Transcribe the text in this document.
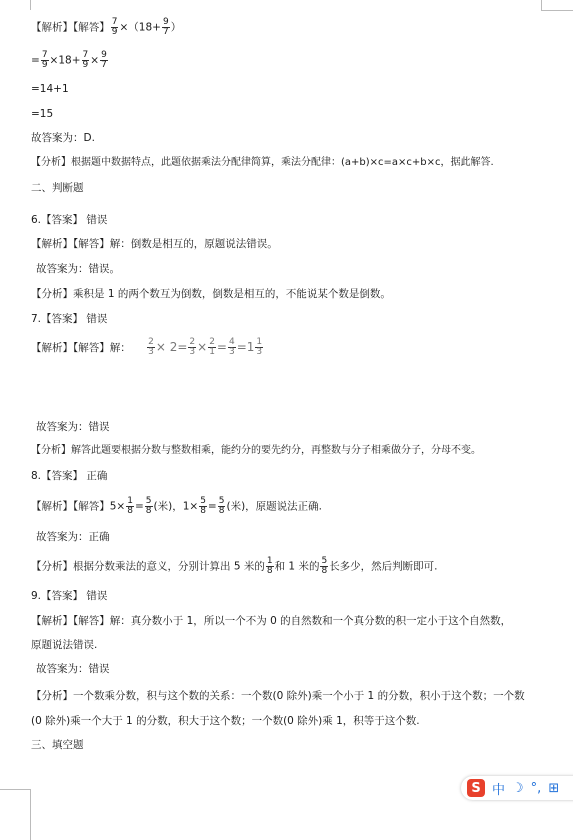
【解析】【解答】 $\frac{7}{9} \times(18+ \frac{9}{7}$ ）
= $\frac{7}{9} \times 18+ \frac{7}{9} \times \frac{9}{7}$
=14+1
=15
故答案为：D.
【分析】根据题中数据特点，此题依据乘法分配律简算，乘法分配律：(a+b)×c=a×c+b×c，据此解答.
二、判断题
6.【答案】 错误
【解析】【解答】解：倒数是相互的，原题说法错误。
故答案为：错误。
【分析】乘积是 1 的两个数互为倒数，倒数是相互的，不能说某个数是倒数。
7.【答案】 错误
【解析】【解答】解： $\frac{2}{3} \times 2= \frac{2}{3} \times \frac{2}{1} = \frac{4}{3} =1 \frac{1}{3}$
故答案为：错误
【分析】解答此题要根据分数与整数相乘，能约分的要先约分，再整数与分子相乘做分子，分母不变。
8.【答案】 正确
【解析】【解答】$5\times \frac{1}{8} = \frac{5}{8}$ (米)，$1\times \frac{5}{8} = \frac{5}{8}$ (米)，原题说法正确.
故答案为：正确
【分析】根据分数乘法的意义，分别计算出 5 米的 $\frac{1}{8}$ 和 1 米的 $\frac{5}{8}$ 长多少，然后判断即可.
9.【答案】 错误
【解析】【解答】解：真分数小于 1，所以一个不为 0 的自然数和一个真分数的积一定小于这个自然数，
原题说法错误.
故答案为：错误
【分析】一个数乘分数，积与这个数的关系：一个数(0 除外)乘一个小于 1 的分数，积小于这个数；一个数
(0 除外)乘一个大于 1 的分数，积大于这个数；一个数(0 除外)乘 1，积等于这个数.
三、填空题
S 中 ☽ °, ⊞
